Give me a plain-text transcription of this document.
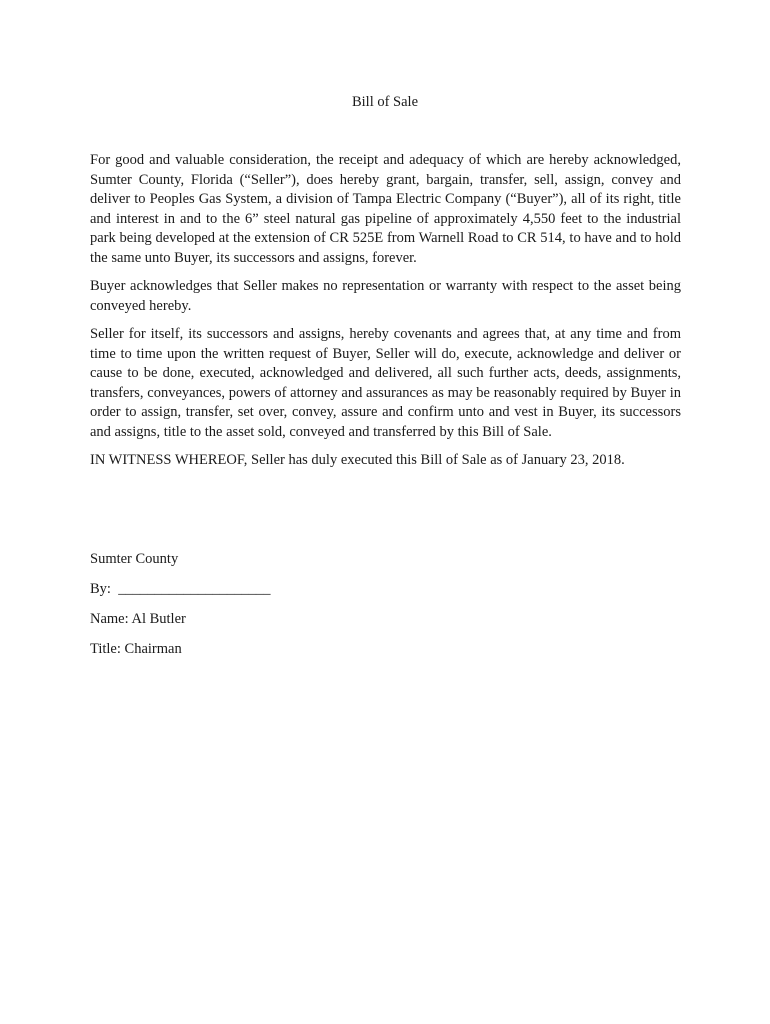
Bill of Sale

For good and valuable consideration, the receipt and adequacy of which are hereby acknowledged, Sumter County, Florida (“Seller”), does hereby grant, bargain, transfer, sell, assign, convey and deliver to Peoples Gas System, a division of Tampa Electric Company (“Buyer”), all of its right, title and interest in and to the 6” steel natural gas pipeline of approximately 4,550 feet to the industrial park being developed at the extension of CR 525E from Warnell Road to CR 514, to have and to hold the same unto Buyer, its successors and assigns, forever.

Buyer acknowledges that Seller makes no representation or warranty with respect to the asset being conveyed hereby.

Seller for itself, its successors and assigns, hereby covenants and agrees that, at any time and from time to time upon the written request of Buyer, Seller will do, execute, acknowledge and deliver or cause to be done, executed, acknowledged and delivered, all such further acts, deeds, assignments, transfers, conveyances, powers of attorney and assurances as may be reasonably required by Buyer in order to assign, transfer, set over, convey, assure and confirm unto and vest in Buyer, its successors and assigns, title to the asset sold, conveyed and transferred by this Bill of Sale.

IN WITNESS WHEREOF, Seller has duly executed this Bill of Sale as of January 23, 2018.

Sumter County

By:  _____________________

Name: Al Butler

Title: Chairman
